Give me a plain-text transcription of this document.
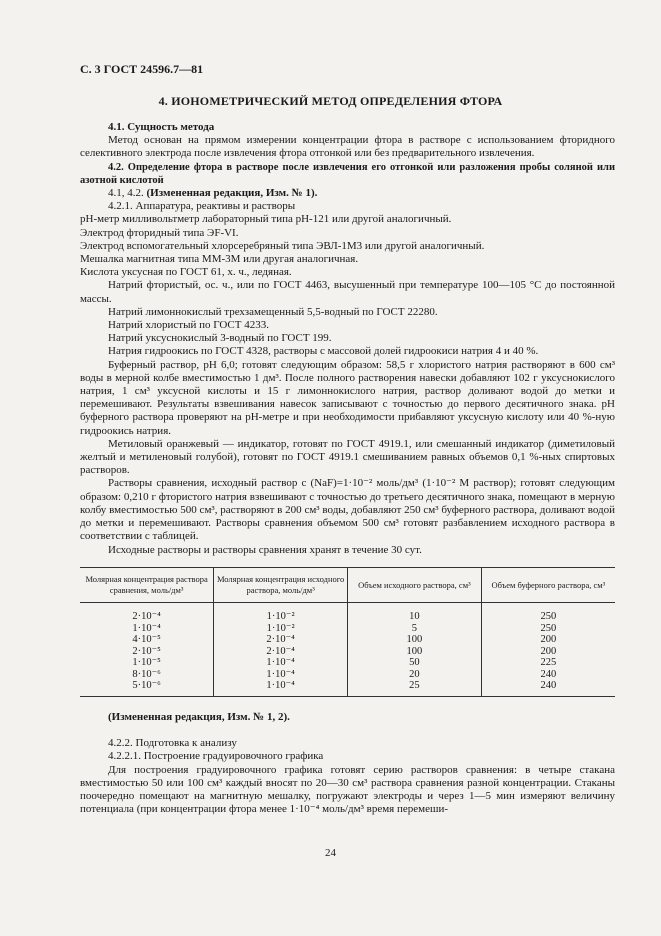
С. 3 ГОСТ 24596.7—81
4. ИОНОМЕТРИЧЕСКИЙ МЕТОД ОПРЕДЕЛЕНИЯ ФТОРА

4.1. Сущность метода

Метод основан на прямом измерении концентрации фтора в растворе с использованием фторидного селективного электрода после извлечения фтора отгонкой или без предварительного извлечения.

4.2. Определение фтора в растворе после извлечения его отгонкой или разложения пробы соляной или азотной кислотой

4.1, 4.2. (Измененная редакция, Изм. № 1).

4.2.1. Аппаратура, реактивы и растворы

рН-метр милливольтметр лабораторный типа рН-121 или другой аналогичный.

Электрод фторидный типа ЭF-VI.

Электрод вспомогательный хлорсеребряный типа ЭВЛ-1М3 или другой аналогичный.

Мешалка магнитная типа ММ-3М или другая аналогичная.

Кислота уксусная по ГОСТ 61, х. ч., ледяная.

Натрий фтористый, ос. ч., или по ГОСТ 4463, высушенный при температуре 100—105 °С до постоянной массы.

Натрий лимоннокислый трехзамещенный 5,5-водный по ГОСТ 22280.

Натрий хлористый по ГОСТ 4233.

Натрий уксуснокислый 3-водный по ГОСТ 199.

Натрия гидроокись по ГОСТ 4328, растворы с массовой долей гидроокиси натрия 4 и 40 %.

Буферный раствор, рН 6,0; готовят следующим образом: 58,5 г хлористого натрия растворяют в 600 см³ воды в мерной колбе вместимостью 1 дм³. После полного растворения навески добавляют 102 г уксуснокислого натрия, 1 см³ уксусной кислоты и 15 г лимоннокислого натрия, раствор доливают водой до метки и перемешивают. Результаты взвешивания навесок записывают с точностью до первого десятичного знака. рН буферного раствора проверяют на рН-метре и при необходимости прибавляют уксусную кислоту или 40 %-ную гидроокись натрия.

Метиловый оранжевый — индикатор, готовят по ГОСТ 4919.1, или смешанный индикатор (диметиловый желтый и метиленовый голубой), готовят по ГОСТ 4919.1 смешиванием равных объемов 0,1 %-ных спиртовых растворов.

Растворы сравнения, исходный раствор c (NaF)=1·10⁻² моль/дм³ (1·10⁻² М раствор); готовят следующим образом: 0,210 г фтористого натрия взвешивают с точностью до третьего десятичного знака, помещают в мерную колбу вместимостью 500 см³, растворяют в 200 см³ воды, добавляют 250 см³ буферного раствора, доливают водой до метки и перемешивают. Растворы сравнения объемом 500 см³ готовят разбавлением исходного раствора в соответствии с таблицей.

Исходные растворы и растворы сравнения хранят в течение 30 сут.

Молярная концентрация раствора сравнения, моль/дм³	Молярная концентрация исходного раствора, моль/дм³	Объем исходного раствора, см³	Объем буферного раствора, см³

2·10⁻⁴	1·10⁻²	10	250
1·10⁻⁴	1·10⁻²	5	250
4·10⁻⁵	2·10⁻⁴	100	200
2·10⁻⁵	2·10⁻⁴	100	200
1·10⁻⁵	1·10⁻⁴	50	225
8·10⁻⁶	1·10⁻⁴	20	240
5·10⁻⁶	1·10⁻⁴	25	240
(Измененная редакция, Изм. № 1, 2).

4.2.2. Подготовка к анализу

4.2.2.1. Построение градуировочного графика

Для построения градуировочного графика готовят серию растворов сравнения: в четыре стакана вместимостью 50 или 100 см³ каждый вносят по 20—30 см³ раствора сравнения разной концентрации. Стаканы поочередно помещают на магнитную мешалку, погружают электроды и через 1—5 мин измеряют величину потенциала (при концентрации фтора менее 1·10⁻⁴ моль/дм³ время перемеши-

24
